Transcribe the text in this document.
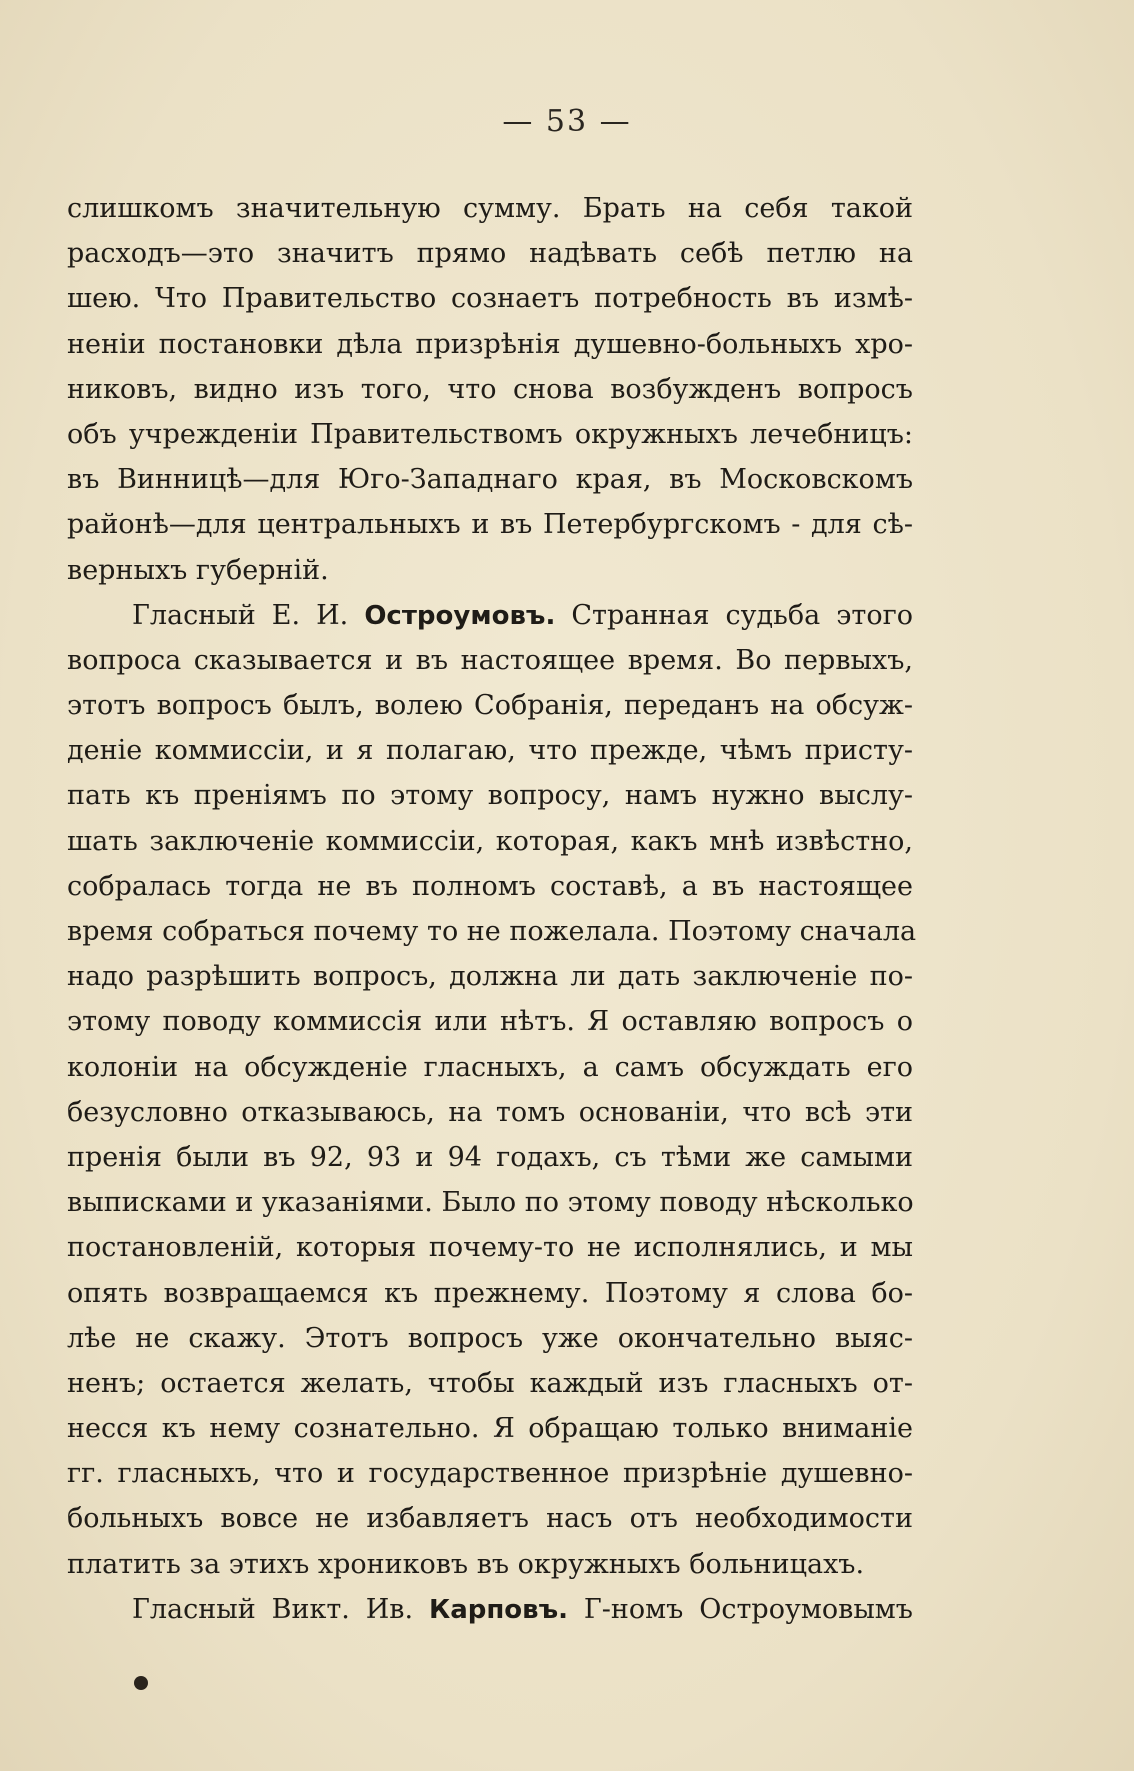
— 53 —
слишкомъ значительную сумму. Брать на себя такой
расходъ—это значитъ прямо надѣвать себѣ петлю на
шею. Что Правительство сознаетъ потребность въ измѣ-
неніи постановки дѣла призрѣнія душевно-больныхъ хро-
никовъ, видно изъ того, что снова возбужденъ вопросъ
объ учрежденіи Правительствомъ окружныхъ лечебницъ:
въ Винницѣ—для Юго-Западнаго края, въ Московскомъ
районѣ—для центральныхъ и въ Петербургскомъ - для сѣ-
верныхъ губерній.
Гласный Е. И. Остроумовъ. Странная судьба этого
вопроса сказывается и въ настоящее время. Во первыхъ,
этотъ вопросъ былъ, волею Собранія, переданъ на обсуж-
деніе коммиссіи, и я полагаю, что прежде, чѣмъ присту-
пать къ преніямъ по этому вопросу, намъ нужно выслу-
шать заключеніе коммиссіи, которая, какъ мнѣ извѣстно,
собралась тогда не въ полномъ составѣ, а въ настоящее
время собраться почему то не пожелала. Поэтому сначала
надо разрѣшить вопросъ, должна ли дать заключеніе по-
этому поводу коммиссія или нѣтъ. Я оставляю вопросъ о
колоніи на обсужденіе гласныхъ, а самъ обсуждать его
безусловно отказываюсь, на томъ основаніи, что всѣ эти
пренія были въ 92, 93 и 94 годахъ, съ тѣми же самыми
выписками и указаніями. Было по этому поводу нѣсколько
постановленій, которыя почему-то не исполнялись, и мы
опять возвращаемся къ прежнему. Поэтому я слова бо-
лѣе не скажу. Этотъ вопросъ уже окончательно выяс-
ненъ; остается желать, чтобы каждый изъ гласныхъ от-
несся къ нему сознательно. Я обращаю только вниманіе
гг. гласныхъ, что и государственное призрѣніе душевно-
больныхъ вовсе не избавляетъ насъ отъ необходимости
платить за этихъ хрониковъ въ окружныхъ больницахъ.
Гласный Викт. Ив. Карповъ. Г-номъ Остроумовымъ
